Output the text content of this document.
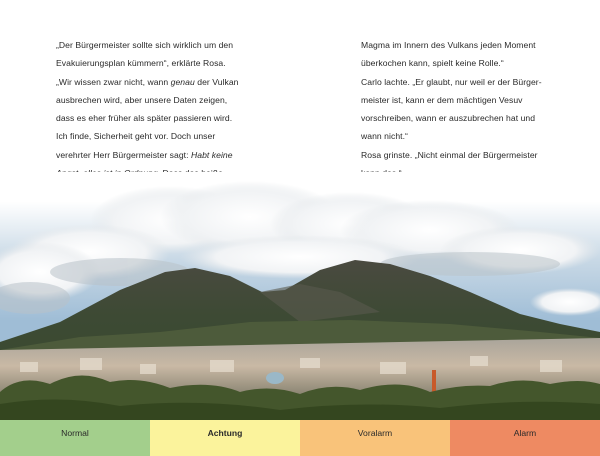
„Der Bürgermeister sollte sich wirklich um den

Evakuierungsplan kümmern“, erklärte Rosa.

„Wir wissen zwar nicht, wann genau der Vulkan

ausbrechen wird, aber unsere Daten zeigen,

dass es eher früher als später passieren wird.

Ich finde, Sicherheit geht vor. Doch unser

verehrter Herr Bürgermeister sagt: Habt keine

Magma im Innern des Vulkans jeden Moment

überkochen kann, spielt keine Rolle.“

Carlo lachte. „Er glaubt, nur weil er der Bürger-

meister ist, kann er dem mächtigen Vesuv

vorschreiben, wann er auszubrechen hat und

wann nicht.“

Rosa grinste. „Nicht einmal der Bürgermeister

Normal	Achtung	Voralarm	Alarm
